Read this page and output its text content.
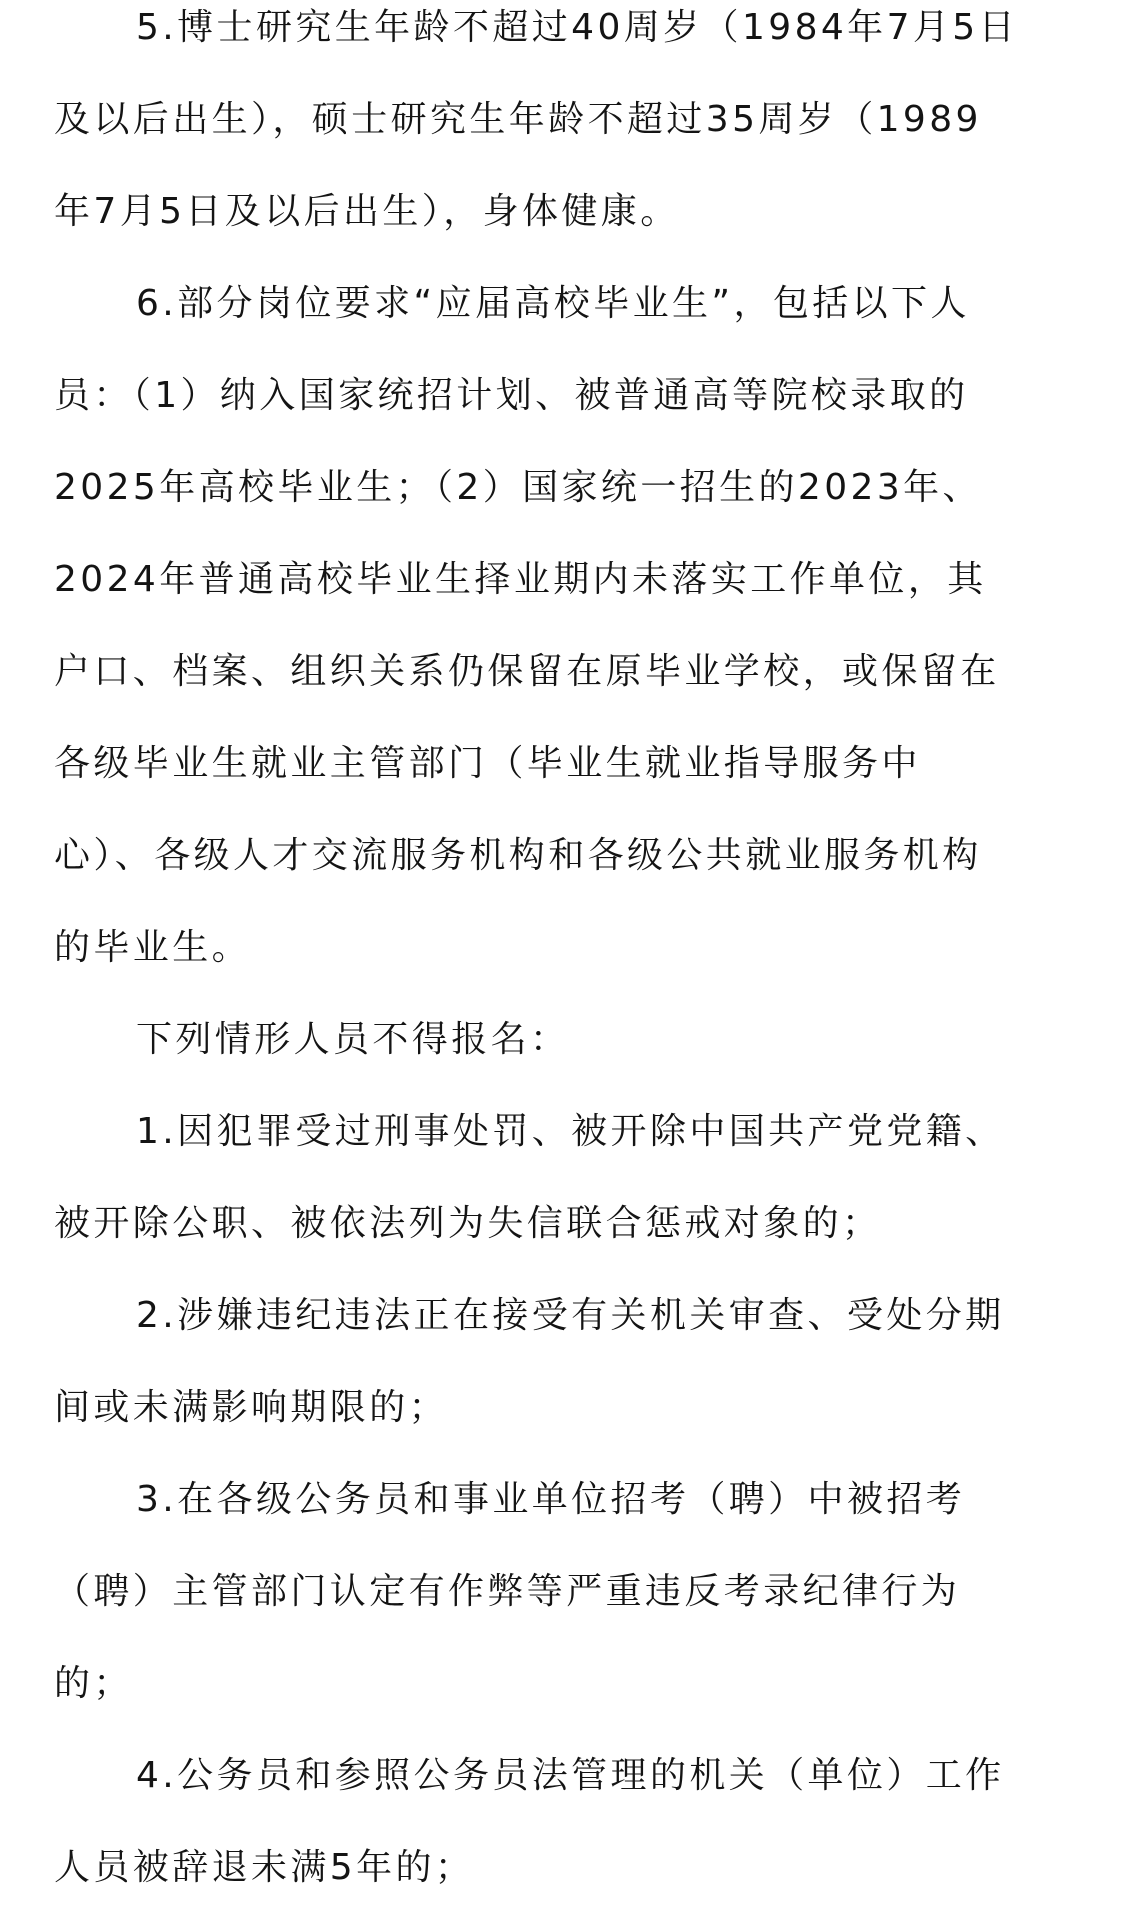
5.博士研究生年龄不超过40周岁（1984年7月5日
及以后出生），硕士研究生年龄不超过35周岁（1989
年7月5日及以后出生），身体健康。
6.部分岗位要求“应届高校毕业生”，包括以下人
员：（1）纳入国家统招计划、被普通高等院校录取的
2025年高校毕业生；（2）国家统一招生的2023年、
2024年普通高校毕业生择业期内未落实工作单位，其
户口、档案、组织关系仍保留在原毕业学校，或保留在
各级毕业生就业主管部门（毕业生就业指导服务中
心）、各级人才交流服务机构和各级公共就业服务机构
的毕业生。
下列情形人员不得报名：
1.因犯罪受过刑事处罚、被开除中国共产党党籍、
被开除公职、被依法列为失信联合惩戒对象的；
2.涉嫌违纪违法正在接受有关机关审查、受处分期
间或未满影响期限的；
3.在各级公务员和事业单位招考（聘）中被招考
（聘）主管部门认定有作弊等严重违反考录纪律行为
的；
4.公务员和参照公务员法管理的机关（单位）工作
人员被辞退未满5年的；
